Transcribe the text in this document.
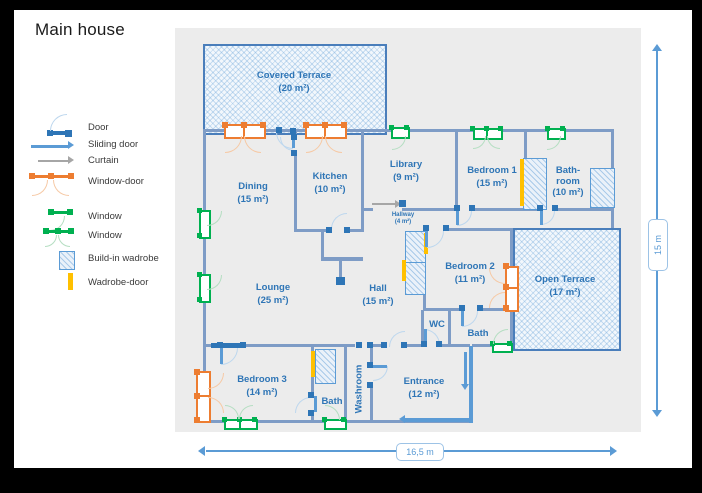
Main house
Door
Sliding door
Curtain
Window-door
Window
Window
Build-in wadrobe
Wadrobe-door
16,5 m
15 m
Covered Terrace
(20 m²)
Dining
(15 m²)
Kitchen
(10 m²)
Library
(9 m²)
Bedroom 1
(15 m²)
Bath-
room
(10 m²)
Hallway
(4 m²)
Bedroom 2
(11 m²)	Open Terrace
(17 m²)
Lounge
(25 m²)
Hall
(15 m²)
WC
Bath
Bedroom 3
(14 m²)
Bath Washroom	Entrance
(12 m²)
